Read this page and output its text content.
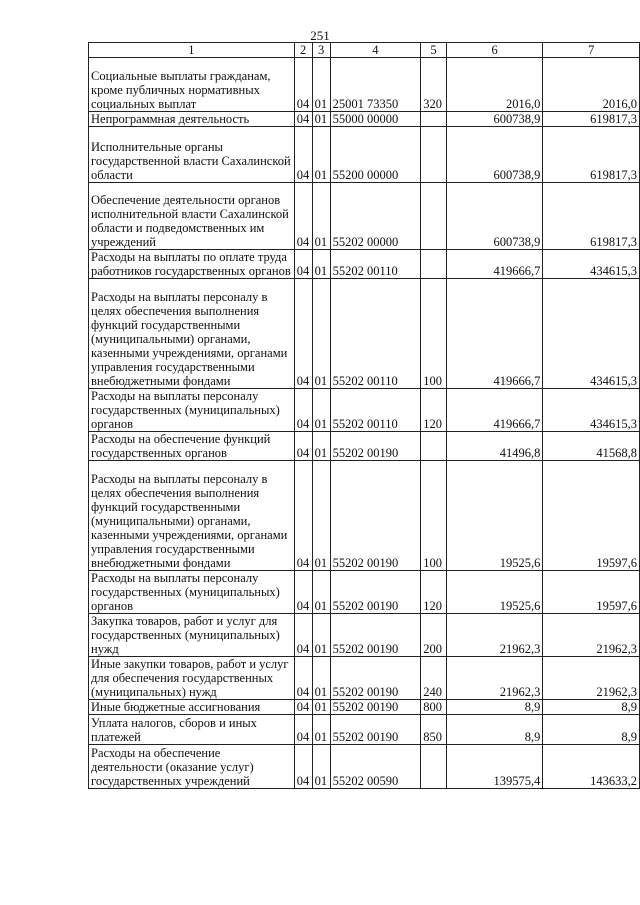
251
1	2	3	4	5	6	7
Социальные выплаты гражданам, кроме публичных нормативных социальных выплат	04	01	25001 73350	320	2016,0	2016,0
Непрограммная деятельность	04	01	55000 00000		600738,9	619817,3
Исполнительные органы государственной власти Сахалинской области	04	01	55200 00000		600738,9	619817,3
Обеспечение деятельности органов исполнительной власти Сахалинской области и подведомственных им учреждений	04	01	55202 00000		600738,9	619817,3
Расходы на выплаты по оплате труда работников государственных органов	04	01	55202 00110		419666,7	434615,3
Расходы на выплаты персоналу в целях обеспечения выполнения функций государственными (муниципальными) органами, казенными учреждениями, органами управления государственными внебюджетными фондами	04	01	55202 00110	100	419666,7	434615,3
Расходы на выплаты персоналу государственных (муниципальных) органов	04	01	55202 00110	120	419666,7	434615,3
Расходы на обеспечение функций государственных органов	04	01	55202 00190		41496,8	41568,8
Расходы на выплаты персоналу в целях обеспечения выполнения функций государственными (муниципальными) органами, казенными учреждениями, органами управления государственными внебюджетными фондами	04	01	55202 00190	100	19525,6	19597,6
Расходы на выплаты персоналу государственных (муниципальных) органов	04	01	55202 00190	120	19525,6	19597,6
Закупка товаров, работ и услуг для государственных (муниципальных) нужд	04	01	55202 00190	200	21962,3	21962,3
Иные закупки товаров, работ и услуг для обеспечения государственных (муниципальных) нужд	04	01	55202 00190	240	21962,3	21962,3
Иные бюджетные ассигнования	04	01	55202 00190	800	8,9	8,9
Уплата налогов, сборов и иных платежей	04	01	55202 00190	850	8,9	8,9
Расходы на обеспечение деятельности (оказание услуг) государственных учреждений	04	01	55202 00590		139575,4	143633,2
